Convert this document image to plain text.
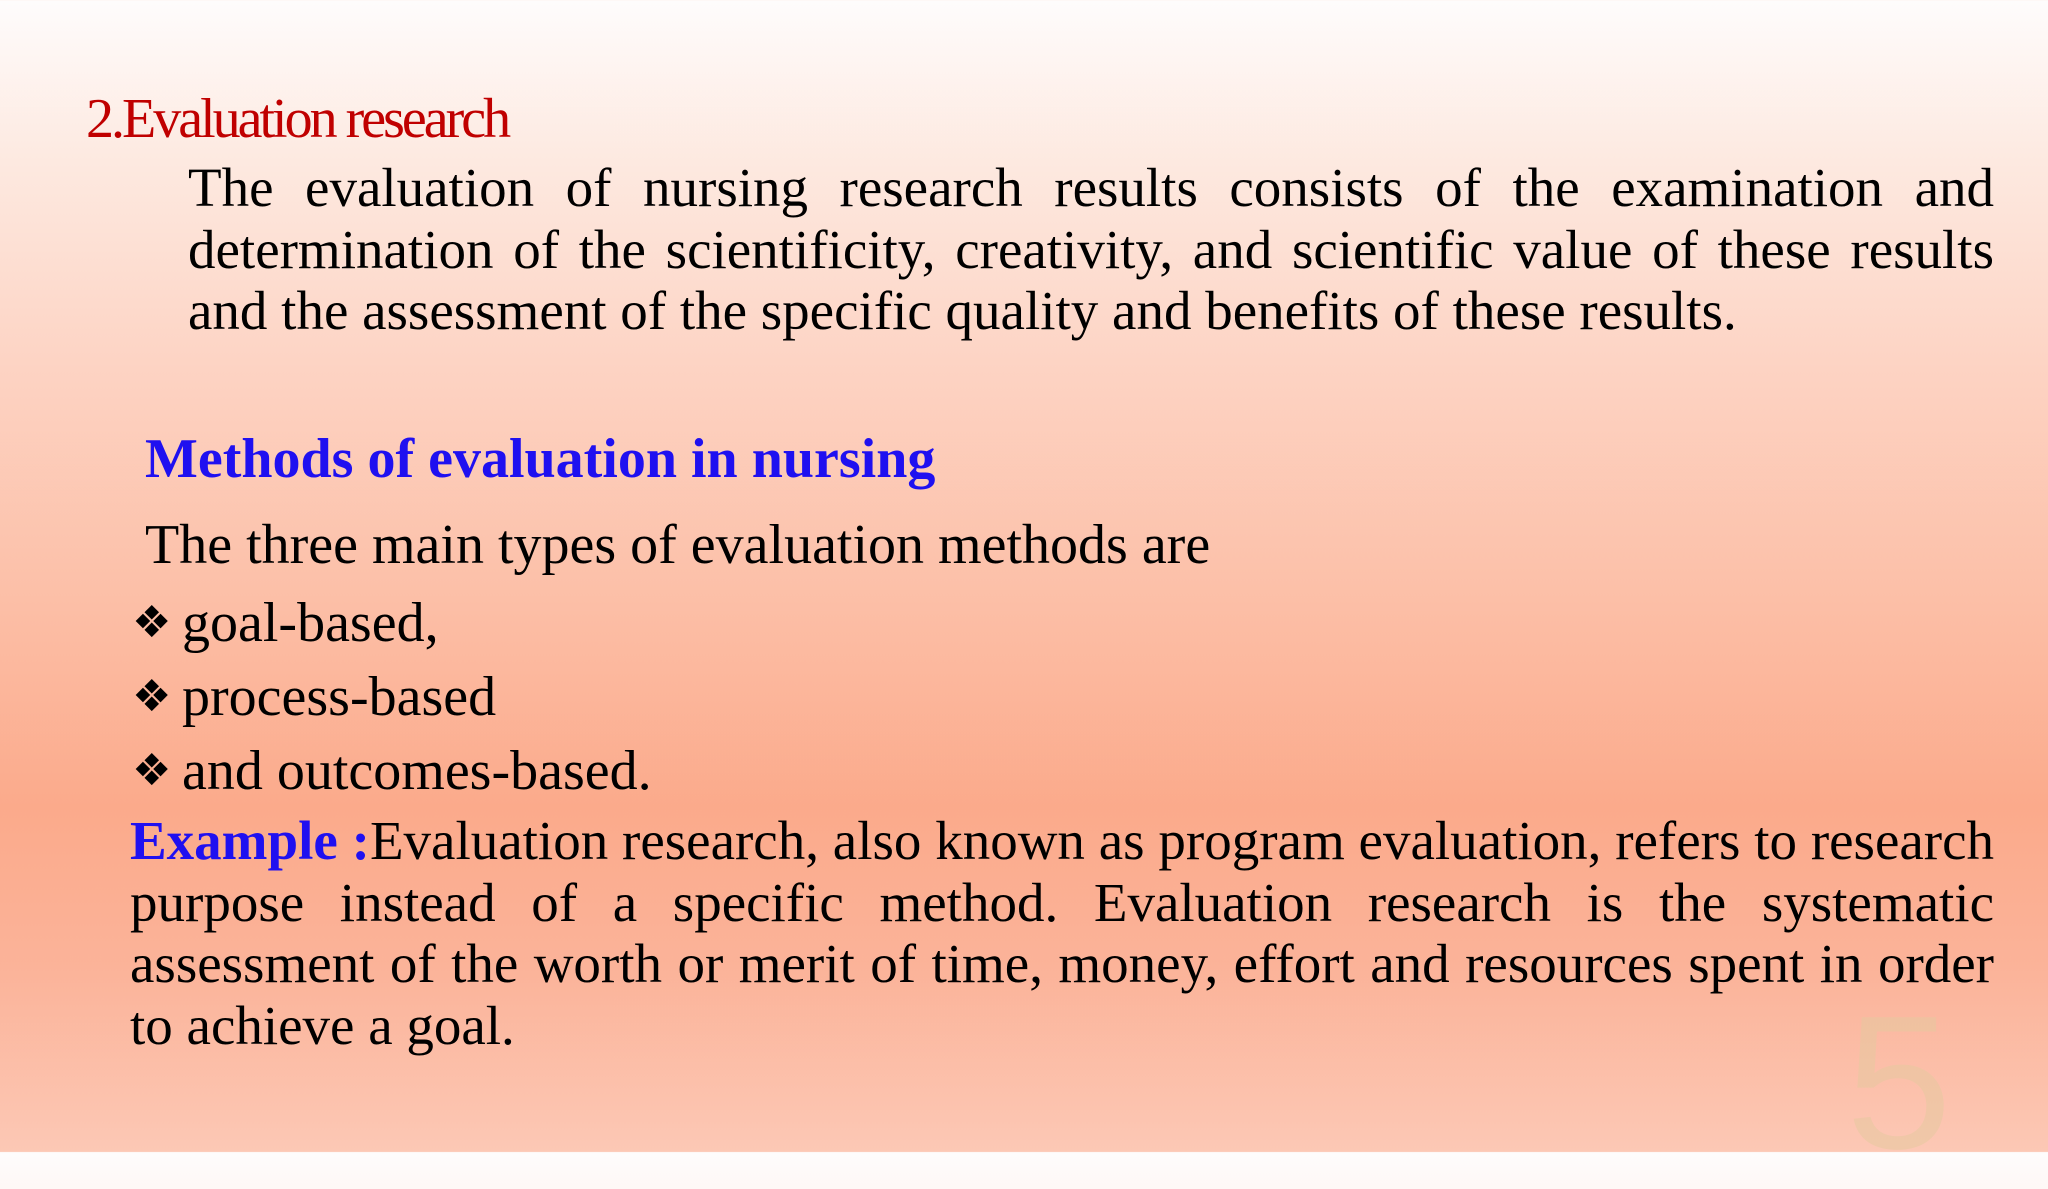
2.Evaluation research
The evaluation of nursing research results consists of the examination and determination of the scientificity, creativity, and scientific value of these results and the assessment of the specific quality and benefits of these results.
Methods of evaluation in nursing
The three main types of evaluation methods are
❖ goal-based,
❖ process-based
❖ and outcomes-based.
Example :Evaluation research, also known as program evaluation, refers to research purpose instead of a specific method. Evaluation research is the systematic assessment of the worth or merit of time, money, effort and resources spent in order to achieve a goal.	5
